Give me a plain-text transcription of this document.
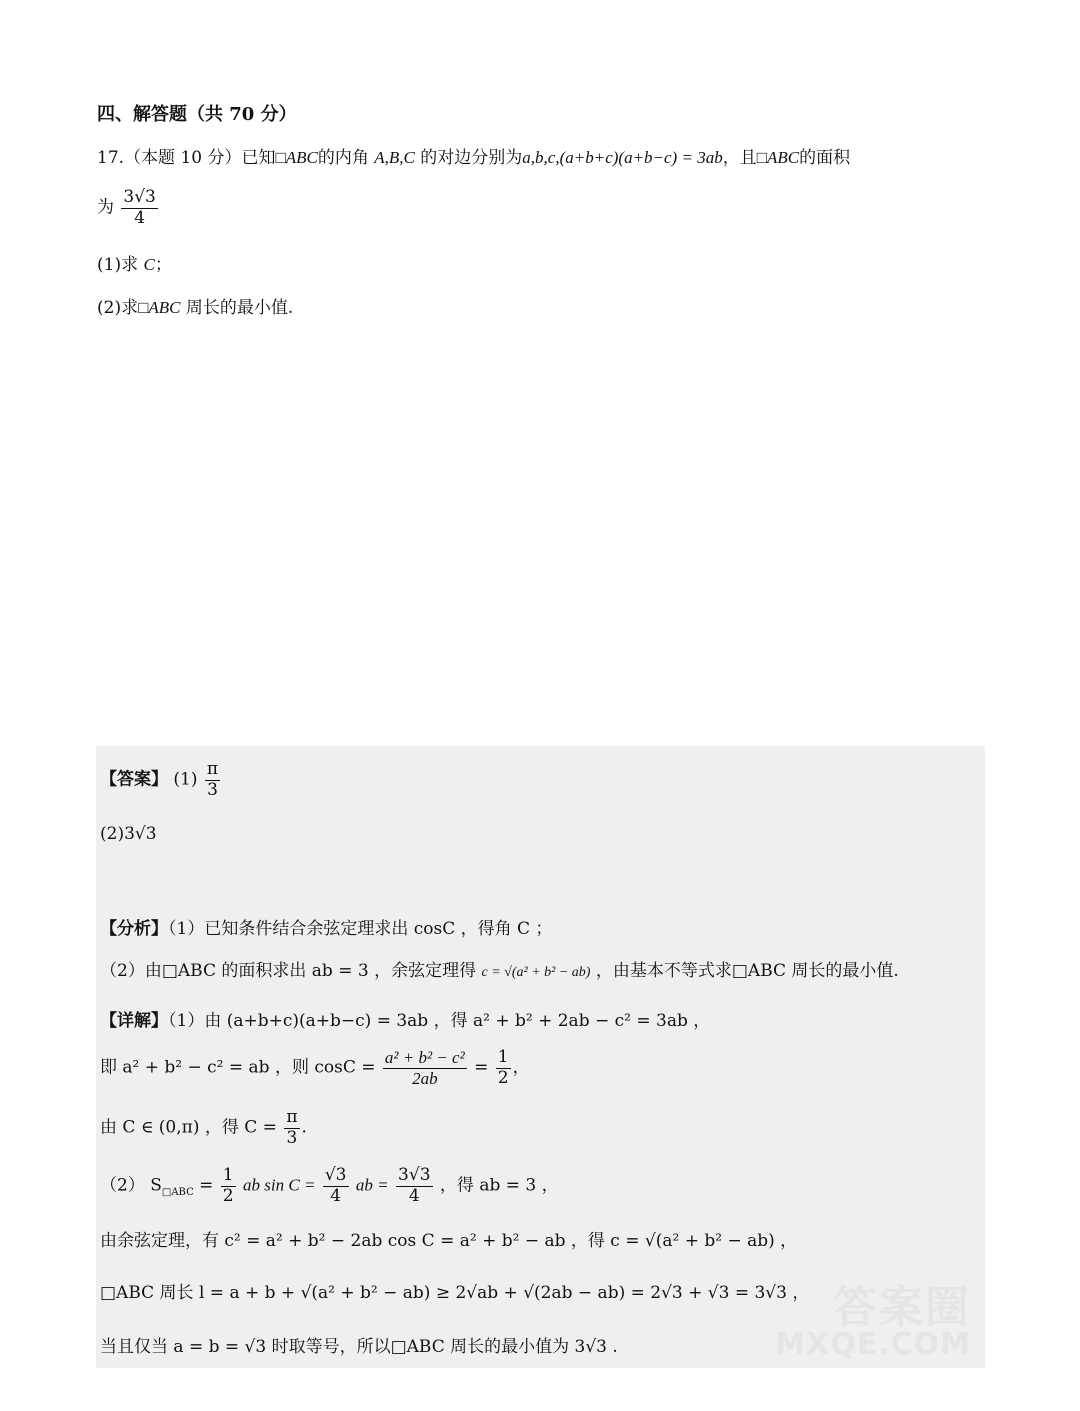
四、解答题（共 70 分）
17.（本题 10 分）已知□ABC的内角 A,B,C 的对边分别为a,b,c,(a+b+c)(a+b−c) = 3ab，且□ABC的面积
为 $\frac{3√3}{4}$
(1)求 C；
(2)求□ABC 周长的最小值.
【答案】 $(1) \frac{\pi}{3}$
(2)3√3
【分析】（1）已知条件结合余弦定理求出 cosC ，得角 C ；
（2）由□ABC 的面积求出 ab = 3 ，余弦定理得 c = √(a² + b² − ab) ，由基本不等式求□ABC 周长的最小值.
【详解】（1）由 (a+b+c)(a+b−c) = 3ab ，得 a² + b² + 2ab − c² = 3ab ，
即 a² + b² − c² = ab ，则 $\cos C = \frac{\text{a² + b² − c²}}{2ab} = \frac{1}{2}$ ，
由 C ∈ (0,π) ，得 $C = \frac{\pi}{3}$ .
（2） $S_{□ABC} = \frac{1}{2}$ ab $\sin C = \frac{√3}{4}$ ab = $\frac{3√3}{4}$ ，得 ab = 3 ，
由余弦定理，有 c² = a² + b² − 2ab cos C = a² + b² − ab ，得 c = √(a² + b² − ab) ，
□ABC 周长 l = a + b + √(a² + b² − ab) ≥ 2√ab + √(2ab − ab) = 2√3 + √3 = 3√3 ，
当且仅当 a = b = √3 时取等号，所以□ABC 周长的最小值为 3√3 .
答案圈
MXQE.COM
